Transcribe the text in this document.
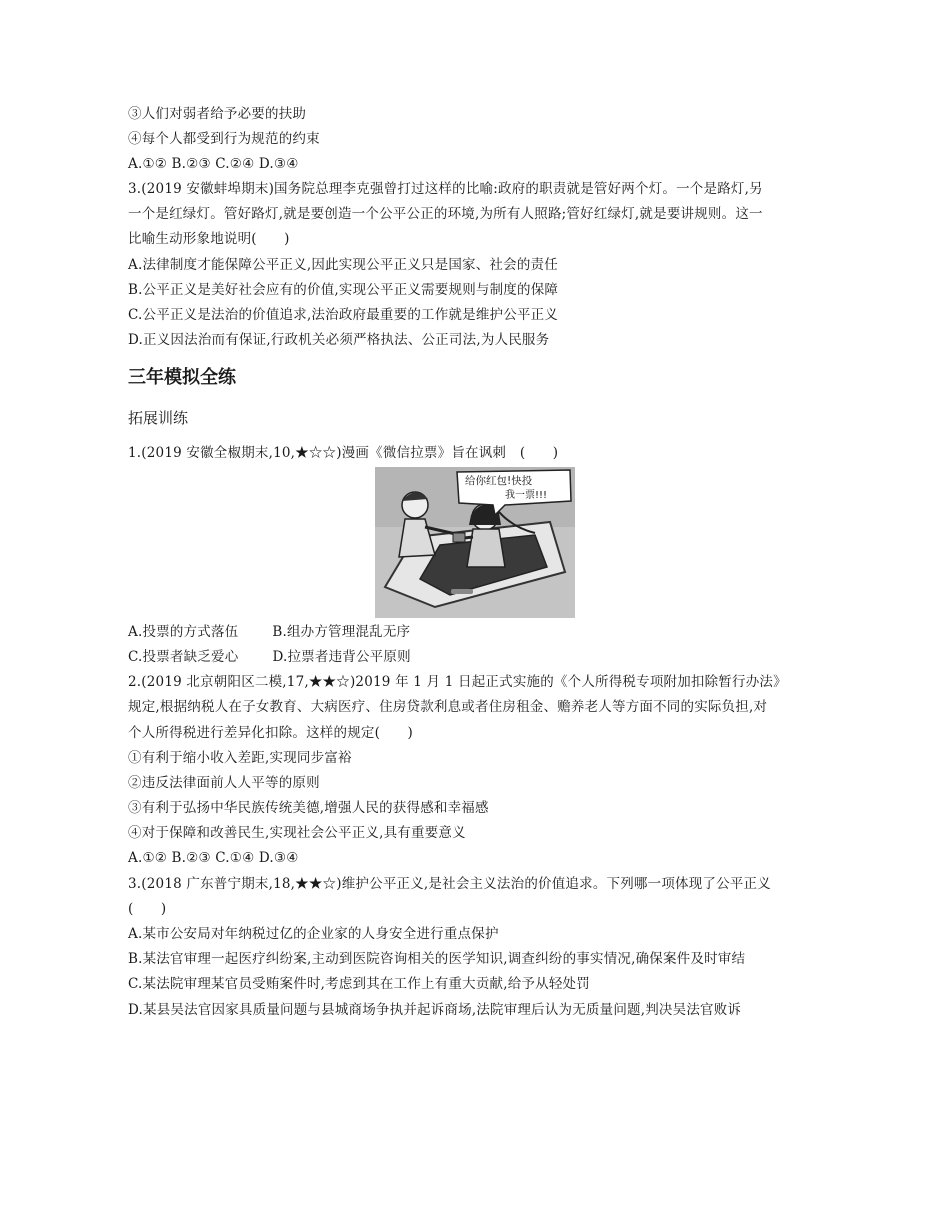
③人们对弱者给予必要的扶助
④每个人都受到行为规范的约束
A.①② B.②③ C.②④ D.③④
3.(2019 安徽蚌埠期末)国务院总理李克强曾打过这样的比喻:政府的职责就是管好两个灯。一个是路灯,另
一个是红绿灯。管好路灯,就是要创造一个公平公正的环境,为所有人照路;管好红绿灯,就是要讲规则。这一
比喻生动形象地说明(　　)
A.法律制度才能保障公平正义,因此实现公平正义只是国家、社会的责任
B.公平正义是美好社会应有的价值,实现公平正义需要规则与制度的保障
C.公平正义是法治的价值追求,法治政府最重要的工作就是维护公平正义
D.正义因法治而有保证,行政机关必须严格执法、公正司法,为人民服务
三年模拟全练
拓展训练
1.(2019 安徽全椒期末,10,★☆☆)漫画《微信拉票》旨在讽刺　(　　)
给你红包!快投
我一票!!!
A.投票的方式落伍	B.组办方管理混乱无序
C.投票者缺乏爱心	D.拉票者违背公平原则
2.(2019 北京朝阳区二模,17,★★☆)2019 年 1 月 1 日起正式实施的《个人所得税专项附加扣除暂行办法》
规定,根据纳税人在子女教育、大病医疗、住房贷款利息或者住房租金、赡养老人等方面不同的实际负担,对
个人所得税进行差异化扣除。这样的规定(　　)
①有利于缩小收入差距,实现同步富裕
②违反法律面前人人平等的原则
③有利于弘扬中华民族传统美德,增强人民的获得感和幸福感
④对于保障和改善民生,实现社会公平正义,具有重要意义
A.①② B.②③ C.①④ D.③④
3.(2018 广东普宁期末,18,★★☆)维护公平正义,是社会主义法治的价值追求。下列哪一项体现了公平正义
(　　)
A.某市公安局对年纳税过亿的企业家的人身安全进行重点保护
B.某法官审理一起医疗纠纷案,主动到医院咨询相关的医学知识,调查纠纷的事实情况,确保案件及时审结
C.某法院审理某官员受贿案件时,考虑到其在工作上有重大贡献,给予从轻处罚
D.某县吴法官因家具质量问题与县城商场争执并起诉商场,法院审理后认为无质量问题,判决吴法官败诉
